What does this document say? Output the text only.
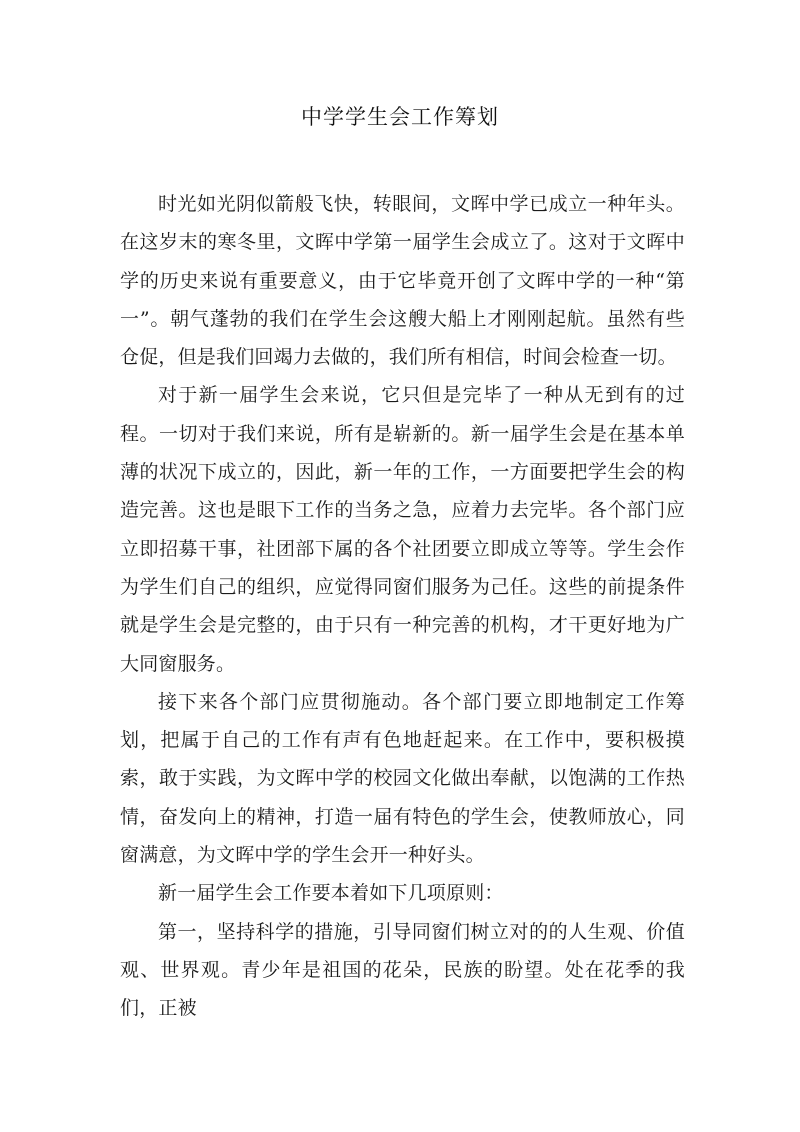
中学学生会工作筹划

时光如光阴似箭般飞快，转眼间，文晖中学已成立一种年头。在这岁末的寒冬里，文晖中学第一届学生会成立了。这对于文晖中学的历史来说有重要意义，由于它毕竟开创了文晖中学的一种“第一”。朝气蓬勃的我们在学生会这艘大船上才刚刚起航。虽然有些仓促，但是我们回竭力去做的，我们所有相信，时间会检查一切。

对于新一届学生会来说，它只但是完毕了一种从无到有的过程。一切对于我们来说，所有是崭新的。新一届学生会是在基本单薄的状况下成立的，因此，新一年的工作，一方面要把学生会的构造完善。这也是眼下工作的当务之急，应着力去完毕。各个部门应立即招募干事，社团部下属的各个社团要立即成立等等。学生会作为学生们自己的组织，应觉得同窗们服务为己任。这些的前提条件就是学生会是完整的，由于只有一种完善的机构，才干更好地为广大同窗服务。

接下来各个部门应贯彻施动。各个部门要立即地制定工作筹划，把属于自己的工作有声有色地赶起来。在工作中，要积极摸索，敢于实践，为文晖中学的校园文化做出奉献，以饱满的工作热情，奋发向上的精神，打造一届有特色的学生会，使教师放心，同窗满意，为文晖中学的学生会开一种好头。

新一届学生会工作要本着如下几项原则：

第一，坚持科学的措施，引导同窗们树立对的的人生观、价值观、世界观。青少年是祖国的花朵，民族的盼望。处在花季的我们，正被
